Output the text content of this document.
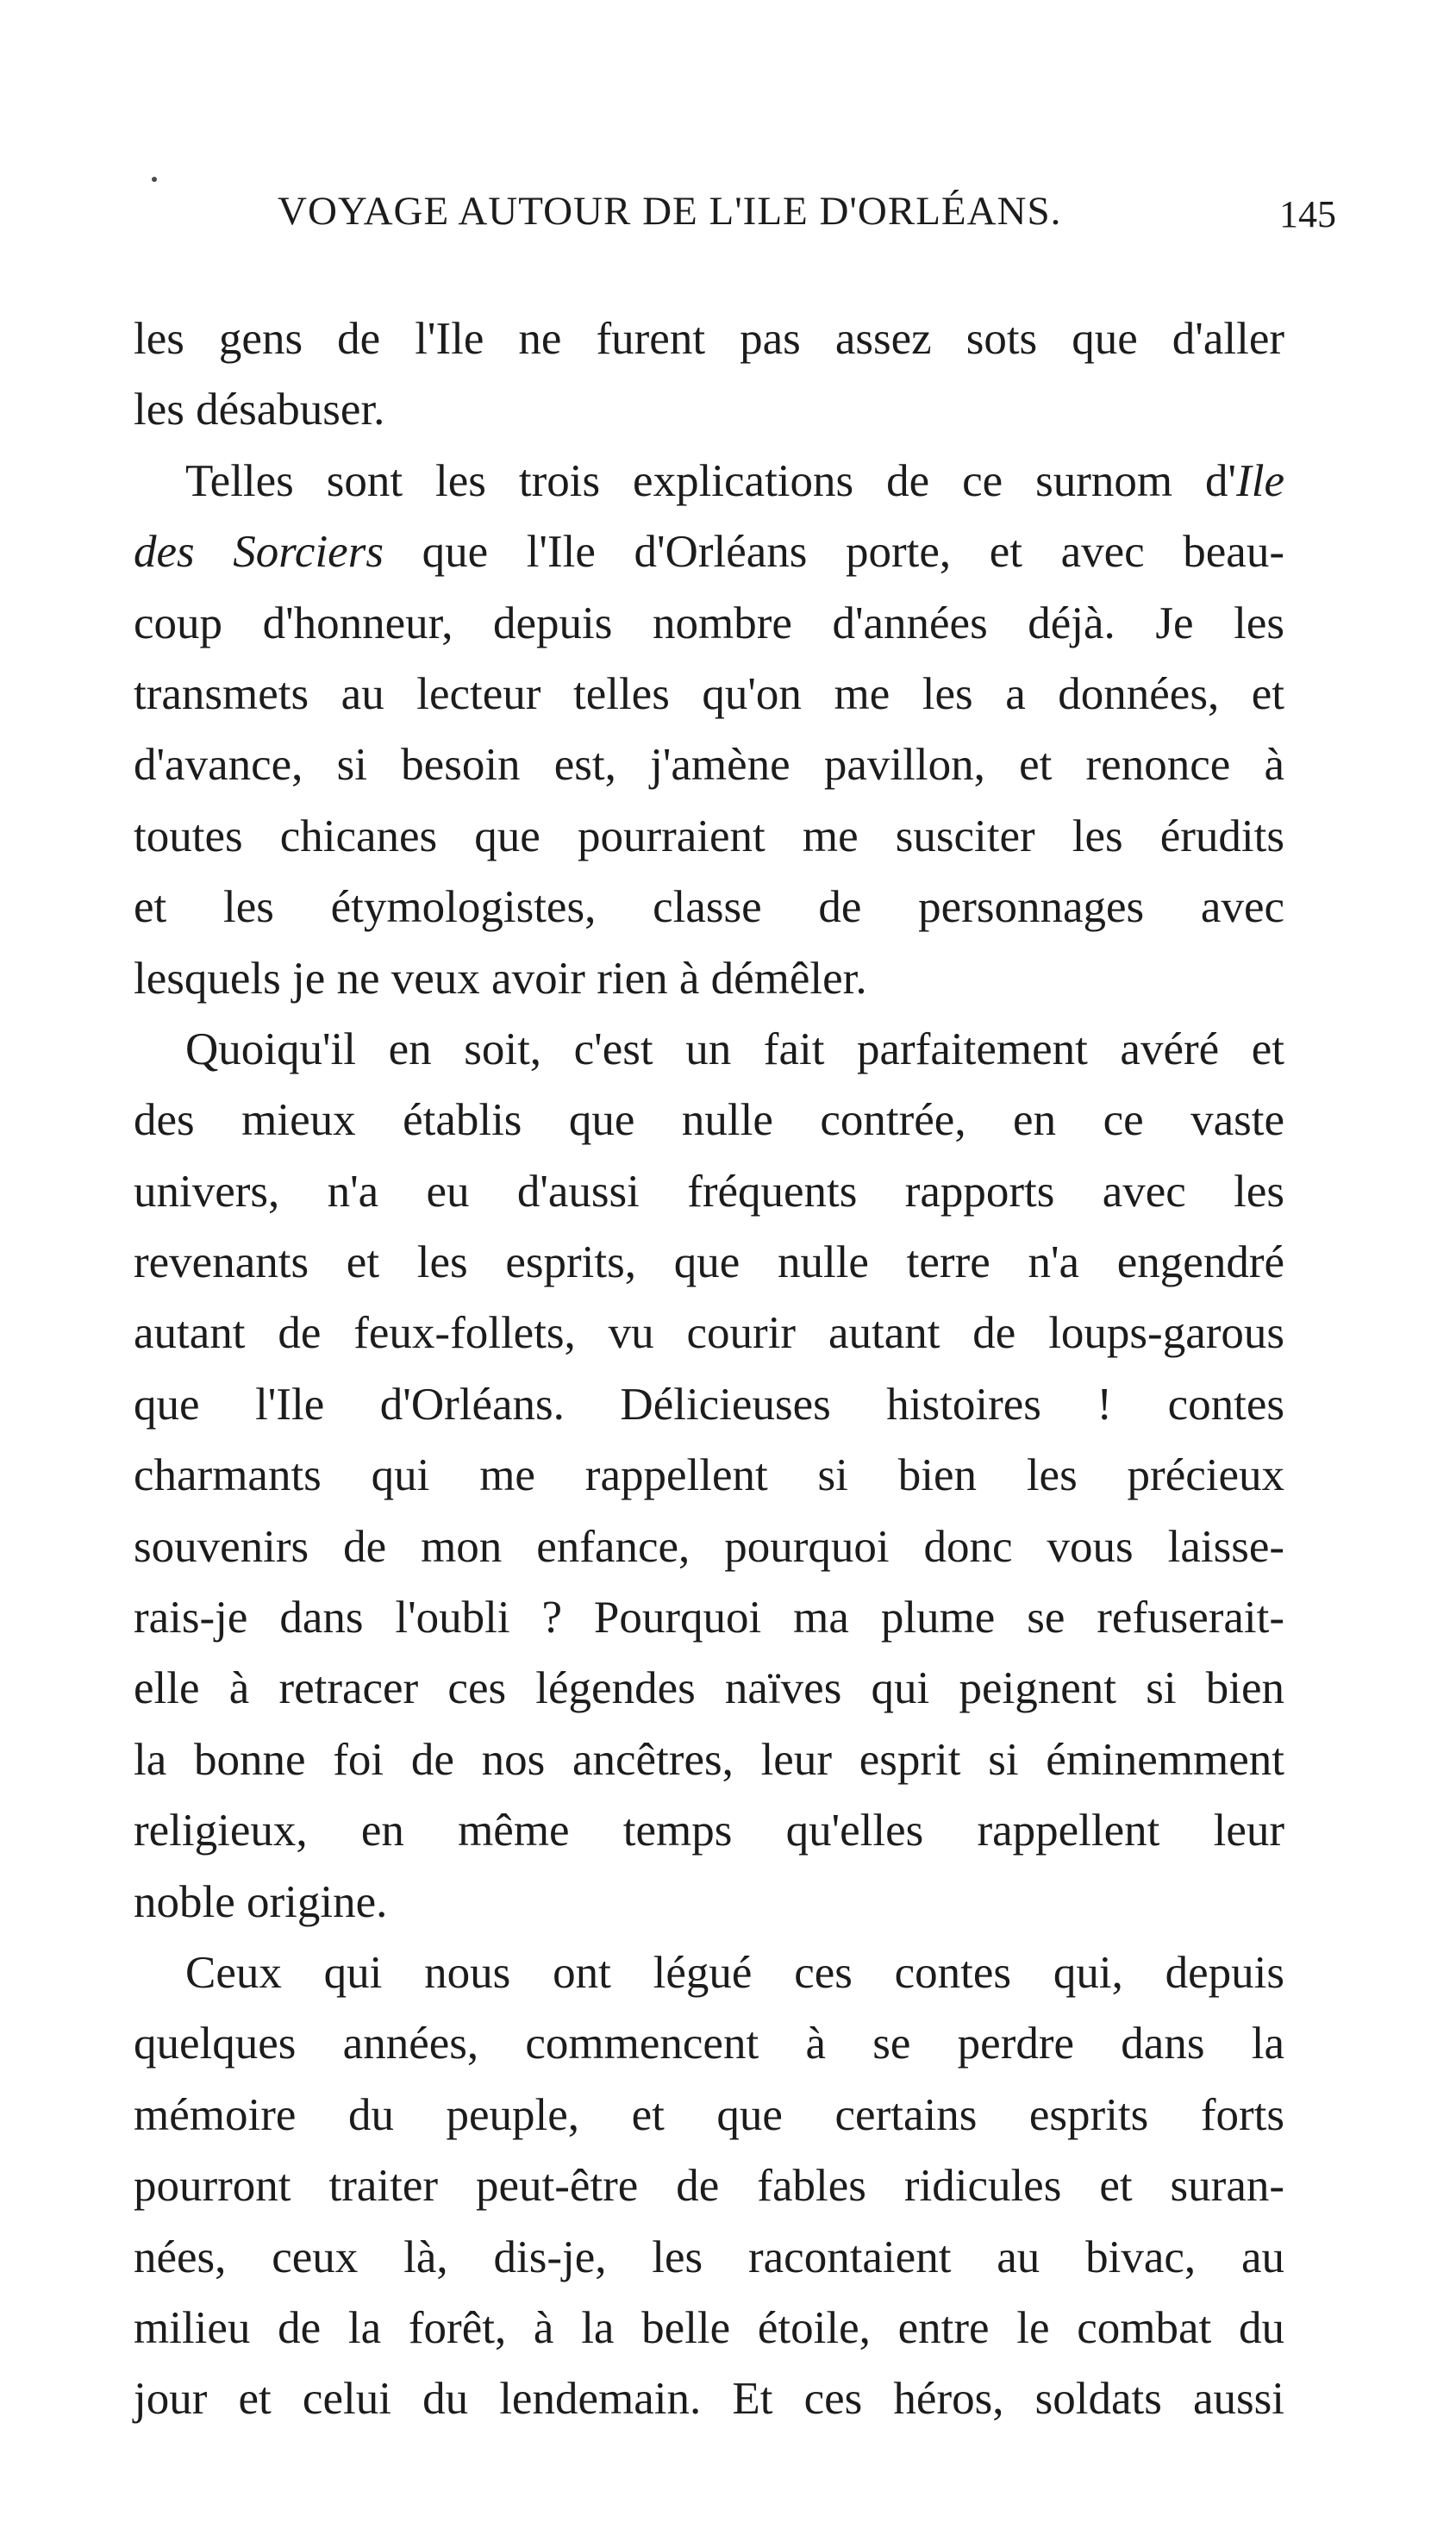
VOYAGE AUTOUR DE L'ILE D'ORLÉANS.	145
les gens de l'Ile ne furent pas assez sots que d'aller
les désabuser.
Telles sont les trois explications de ce surnom d'Ile
des Sorciers que l'Ile d'Orléans porte, et avec beau-
coup d'honneur, depuis nombre d'années déjà. Je les
transmets au lecteur telles qu'on me les a données, et
d'avance, si besoin est, j'amène pavillon, et renonce à
toutes chicanes que pourraient me susciter les érudits
et les étymologistes, classe de personnages avec
lesquels je ne veux avoir rien à démêler.
Quoiqu'il en soit, c'est un fait parfaitement avéré et
des mieux établis que nulle contrée, en ce vaste
univers, n'a eu d'aussi fréquents rapports avec les
revenants et les esprits, que nulle terre n'a engendré
autant de feux-follets, vu courir autant de loups-garous
que l'Ile d'Orléans. Délicieuses histoires ! contes
charmants qui me rappellent si bien les précieux
souvenirs de mon enfance, pourquoi donc vous laisse-
rais-je dans l'oubli ? Pourquoi ma plume se refuserait-
elle à retracer ces légendes naïves qui peignent si bien
la bonne foi de nos ancêtres, leur esprit si éminemment
religieux, en même temps qu'elles rappellent leur
noble origine.
Ceux qui nous ont légué ces contes qui, depuis
quelques années, commencent à se perdre dans la
mémoire du peuple, et que certains esprits forts
pourront traiter peut-être de fables ridicules et suran-
nées, ceux là, dis-je, les racontaient au bivac, au
milieu de la forêt, à la belle étoile, entre le combat du
jour et celui du lendemain. Et ces héros, soldats aussi
